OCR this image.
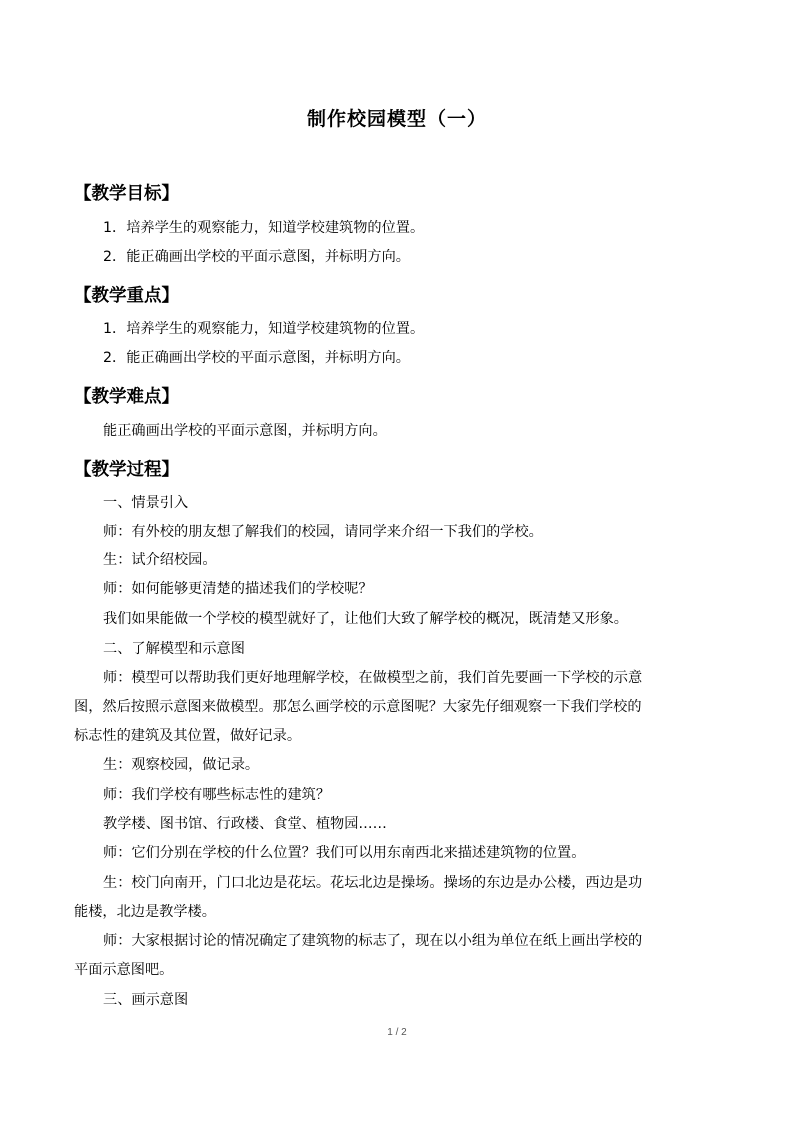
制作校园模型（一）
【教学目标】
1．培养学生的观察能力，知道学校建筑物的位置。
2．能正确画出学校的平面示意图，并标明方向。
【教学重点】
1．培养学生的观察能力，知道学校建筑物的位置。
2．能正确画出学校的平面示意图，并标明方向。
【教学难点】
能正确画出学校的平面示意图，并标明方向。
【教学过程】
一、情景引入
师：有外校的朋友想了解我们的校园，请同学来介绍一下我们的学校。
生：试介绍校园。
师：如何能够更清楚的描述我们的学校呢？
我们如果能做一个学校的模型就好了，让他们大致了解学校的概况，既清楚又形象。
二、了解模型和示意图
师：模型可以帮助我们更好地理解学校，在做模型之前，我们首先要画一下学校的示意
图，然后按照示意图来做模型。那怎么画学校的示意图呢？大家先仔细观察一下我们学校的
标志性的建筑及其位置，做好记录。
生：观察校园，做记录。
师：我们学校有哪些标志性的建筑？
教学楼、图书馆、行政楼、食堂、植物园……
师：它们分别在学校的什么位置？我们可以用东南西北来描述建筑物的位置。
生：校门向南开，门口北边是花坛。花坛北边是操场。操场的东边是办公楼，西边是功
能楼，北边是教学楼。
师：大家根据讨论的情况确定了建筑物的标志了，现在以小组为单位在纸上画出学校的
平面示意图吧。
三、画示意图
1 / 2
